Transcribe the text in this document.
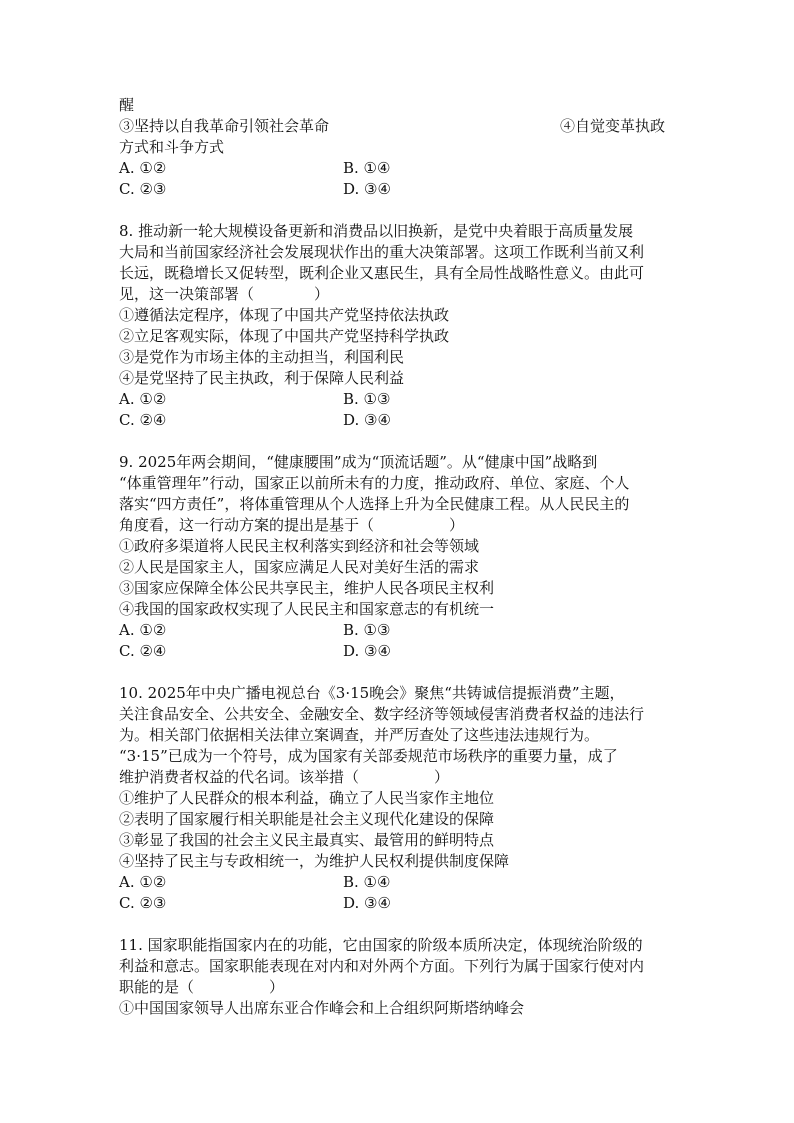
醒
③坚持以自我革命引领社会革命	④自觉变革执政
方式和斗争方式
A. ①②	B. ①④
C. ②③	D. ③④
8. 推动新一轮大规模设备更新和消费品以旧换新，是党中央着眼于高质量发展
大局和当前国家经济社会发展现状作出的重大决策部署。这项工作既利当前又利
长远，既稳增长又促转型，既利企业又惠民生，具有全局性战略性意义。由此可
见，这一决策部署（　　　　）
①遵循法定程序，体现了中国共产党坚持依法执政
②立足客观实际，体现了中国共产党坚持科学执政
③是党作为市场主体的主动担当，利国利民
④是党坚持了民主执政，利于保障人民利益
A. ①②	B. ①③
C. ②④	D. ③④
9. 2025年两会期间，“健康腰围”成为“顶流话题”。从“健康中国”战略到
“体重管理年”行动，国家正以前所未有的力度，推动政府、单位、家庭、个人
落实“四方责任”，将体重管理从个人选择上升为全民健康工程。从人民民主的
角度看，这一行动方案的提出是基于（　　　　　）
①政府多渠道将人民民主权利落实到经济和社会等领域
②人民是国家主人，国家应满足人民对美好生活的需求
③国家应保障全体公民共享民主，维护人民各项民主权利
④我国的国家政权实现了人民民主和国家意志的有机统一
A. ①②	B. ①③
C. ②④	D. ③④
10. 2025年中央广播电视总台《3·15晚会》聚焦“共铸诚信提振消费”主题，
关注食品安全、公共安全、金融安全、数字经济等领域侵害消费者权益的违法行
为。相关部门依据相关法律立案调查，并严厉查处了这些违法违规行为。
“3·15”已成为一个符号，成为国家有关部委规范市场秩序的重要力量，成了
维护消费者权益的代名词。该举措（　　　　　）
①维护了人民群众的根本利益，确立了人民当家作主地位
②表明了国家履行相关职能是社会主义现代化建设的保障
③彰显了我国的社会主义民主最真实、最管用的鲜明特点
④坚持了民主与专政相统一，为维护人民权利提供制度保障
A. ①②	B. ①④
C. ②③	D. ③④
11. 国家职能指国家内在的功能，它由国家的阶级本质所决定，体现统治阶级的
利益和意志。国家职能表现在对内和对外两个方面。下列行为属于国家行使对内
职能的是（　　　　　）
①中国国家领导人出席东亚合作峰会和上合组织阿斯塔纳峰会
